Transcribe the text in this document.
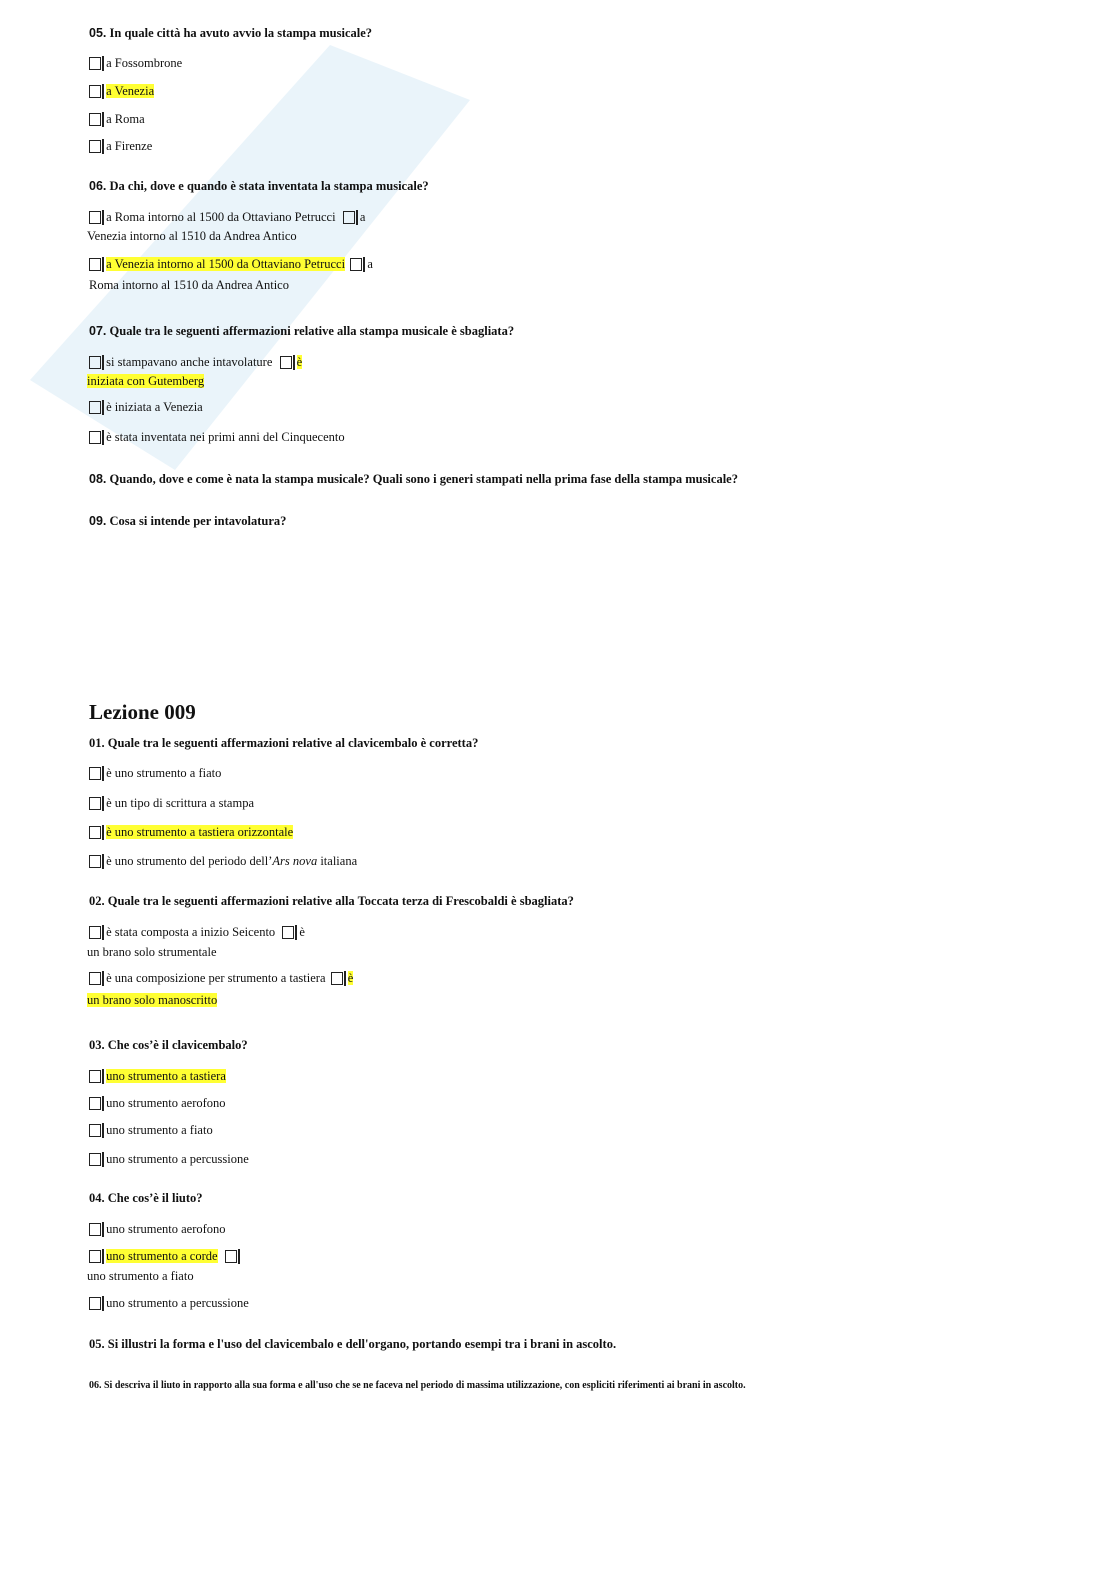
05. In quale città ha avuto avvio la stampa musicale?
a Fossombrone
a Venezia
a Roma
a Firenze
06. Da chi, dove e quando è stata inventata la stampa musicale?
a Roma intorno al 1500 da Ottaviano Petrucci a
Venezia intorno al 1510 da Andrea Antico
a Venezia intorno al 1500 da Ottaviano Petrucci a
Roma intorno al 1510 da Andrea Antico
07. Quale tra le seguenti affermazioni relative alla stampa musicale è sbagliata?
si stampavano anche intavolature è
iniziata con Gutemberg
è iniziata a Venezia
è stata inventata nei primi anni del Cinquecento
08. Quando, dove e come è nata la stampa musicale? Quali sono i generi stampati nella prima fase della stampa musicale?
09. Cosa si intende per intavolatura?
Lezione 009
01. Quale tra le seguenti affermazioni relative al clavicembalo è corretta?
è uno strumento a fiato
è un tipo di scrittura a stampa
è uno strumento a tastiera orizzontale
è uno strumento del periodo dell’Ars nova italiana
02. Quale tra le seguenti affermazioni relative alla Toccata terza di Frescobaldi è sbagliata?
è stata composta a inizio Seicento è
un brano solo strumentale
è una composizione per strumento a tastiera è
un brano solo manoscritto
03. Che cos’è il clavicembalo?
uno strumento a tastiera
uno strumento aerofono
uno strumento a fiato
uno strumento a percussione
04. Che cos’è il liuto?
uno strumento aerofono
uno strumento a corde
uno strumento a fiato
uno strumento a percussione
05. Si illustri la forma e l'uso del clavicembalo e dell'organo, portando esempi tra i brani in ascolto.
06. Si descriva il liuto in rapporto alla sua forma e all'uso che se ne faceva nel periodo di massima utilizzazione, con espliciti riferimenti ai brani in ascolto.
